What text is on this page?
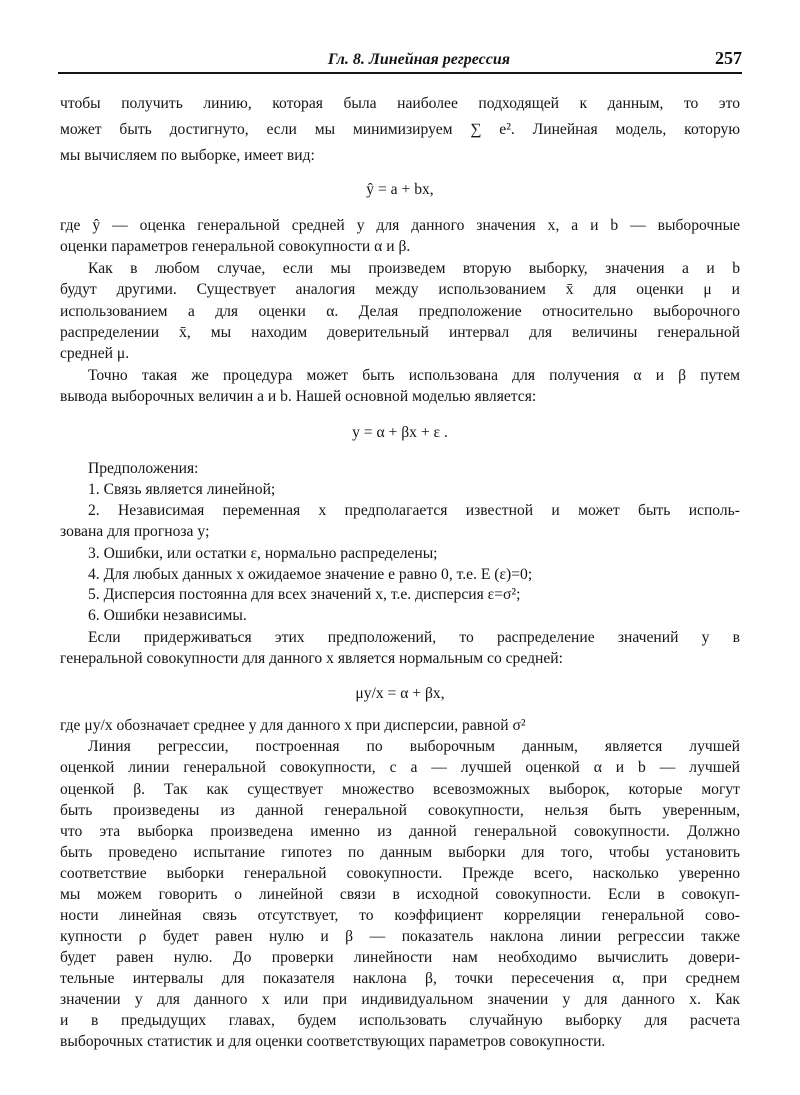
Гл. 8. Линейная регрессия	257
чтобы получить линию, которая была наиболее подходящей к данным, то это
может быть достигнуто, если мы минимизируем ∑ e². Линейная модель, которую
мы вычисляем по выборке, имеет вид:
ŷ = a + bx,
где ŷ — оценка генеральной средней y для данного значения x, a и b — выборочные
оценки параметров генеральной совокупности α и β.
Как в любом случае, если мы произведем вторую выборку, значения a и b
будут другими. Существует аналогия между использованием x̄ для оценки μ и
использованием a для оценки α. Делая предположение относительно выборочного
распределении x̄, мы находим доверительный интервал для величины генеральной
средней μ.
Точно такая же процедура может быть использована для получения α и β путем
вывода выборочных величин a и b. Нашей основной моделью является:
y = α + βx + ε .
Предположения:
1. Связь является линейной;
2. Независимая переменная x предполагается известной и может быть исполь-
зована для прогноза y;
3. Ошибки, или остатки ε, нормально распределены;
4. Для любых данных x ожидаемое значение e равно 0, т.е. E (ε)=0;
5. Дисперсия постоянна для всех значений x, т.е. дисперсия ε=σ²;
6. Ошибки независимы.
Если придерживаться этих предположений, то распределение значений y в
генеральной совокупности для данного x является нормальным со средней:
μy/x = α + βx,
где μy/x обозначает среднее y для данного x при дисперсии, равной σ²
Линия регрессии, построенная по выборочным данным, является лучшей
оценкой линии генеральной совокупности, с a — лучшей оценкой α и b — лучшей
оценкой β. Так как существует множество всевозможных выборок, которые могут
быть произведены из данной генеральной совокупности, нельзя быть уверенным,
что эта выборка произведена именно из данной генеральной совокупности. Должно
быть проведено испытание гипотез по данным выборки для того, чтобы установить
соответствие выборки генеральной совокупности. Прежде всего, насколько уверенно
мы можем говорить о линейной связи в исходной совокупности. Если в совокуп-
ности линейная связь отсутствует, то коэффициент корреляции генеральной сово-
купности ρ будет равен нулю и β — показатель наклона линии регрессии также
будет равен нулю. До проверки линейности нам необходимо вычислить довери-
тельные интервалы для показателя наклона β, точки пересечения α, при среднем
значении y для данного x или при индивидуальном значении y для данного x. Как
и в предыдущих главах, будем использовать случайную выборку для расчета
выборочных статистик и для оценки соответствующих параметров совокупности.
